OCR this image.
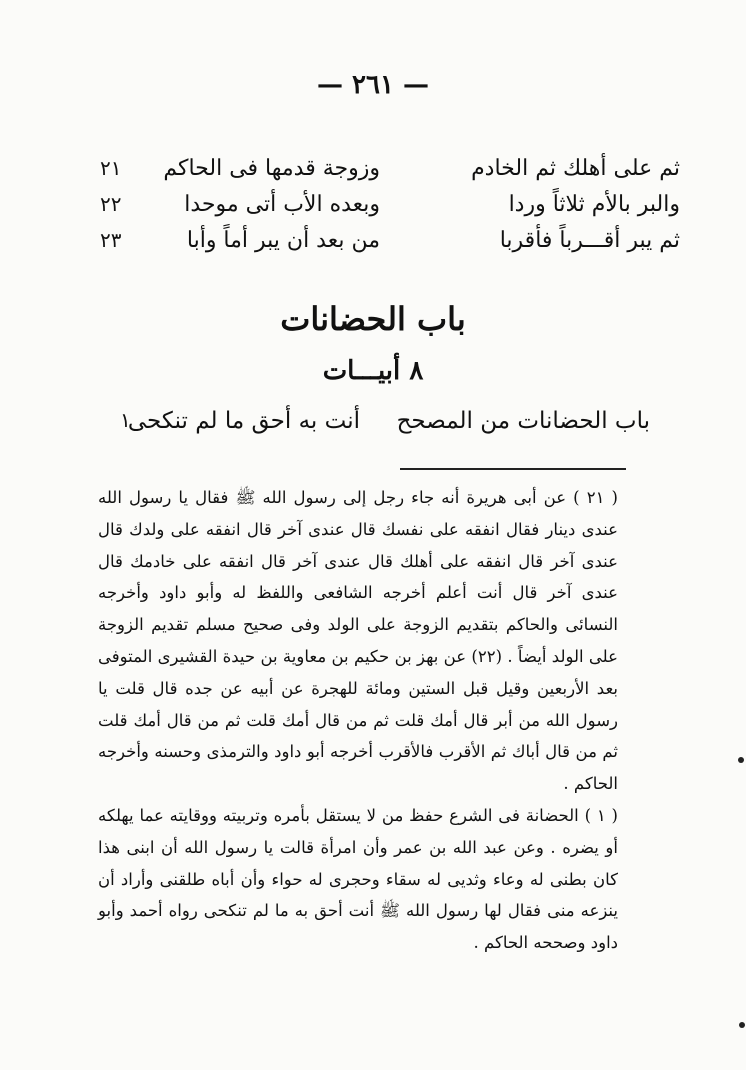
— ٢٦١ —
ثم على أهلك ثم الخادم
وزوجة قدمها فى الحاكم
٢١
والبر بالأم ثلاثاً وردا
وبعده الأب أتى موحدا
٢٢
ثم يبر أقـــرباً فأقربا
من بعد أن يبر أماً وأبا
٢٣
باب الحضانات
٨ أبيـــات
باب الحضانات من المصحح
أنت به أحق ما لم تنكحى
١

( ٢١ ) عن أبى هريرة أنه جاء رجل إلى رسول الله ﷺ فقال يا رسول الله عندى دينار فقال انفقه على نفسك قال عندى آخر قال انفقه على ولدك قال عندى آخر قال انفقه على أهلك قال عندى آخر قال انفقه على خادمك قال عندى آخر قال أنت أعلم أخرجه الشافعى واللفظ له وأبو داود وأخرجه النسائى والحاكم بتقديم الزوجة على الولد وفى صحيح مسلم تقديم الزوجة على الولد أيضاً . (٢٢) عن بهز بن حكيم بن معاوية بن حيدة القشيرى المتوفى بعد الأربعين وقيل قبل الستين ومائة للهجرة عن أبيه عن جده قال قلت يا رسول الله من أبر قال أمك قلت ثم من قال أمك قلت ثم من قال أمك قلت ثم من قال أباك ثم الأقرب فالأقرب أخرجه أبو داود والترمذى وحسنه وأخرجه الحاكم .

( ١ ) الحضانة فى الشرع حفظ من لا يستقل بأمره وتربيته ووقايته عما يهلكه أو يضره . وعن عبد الله بن عمر وأن امرأة قالت يا رسول الله أن ابنى هذا كان بطنى له وعاء وثديى له سقاء وحجرى له حواء وأن أباه طلقنى وأراد أن ينزعه منى فقال لها رسول الله ﷺ أنت أحق به ما لم تنكحى رواه أحمد وأبو داود وصححه الحاكم .
